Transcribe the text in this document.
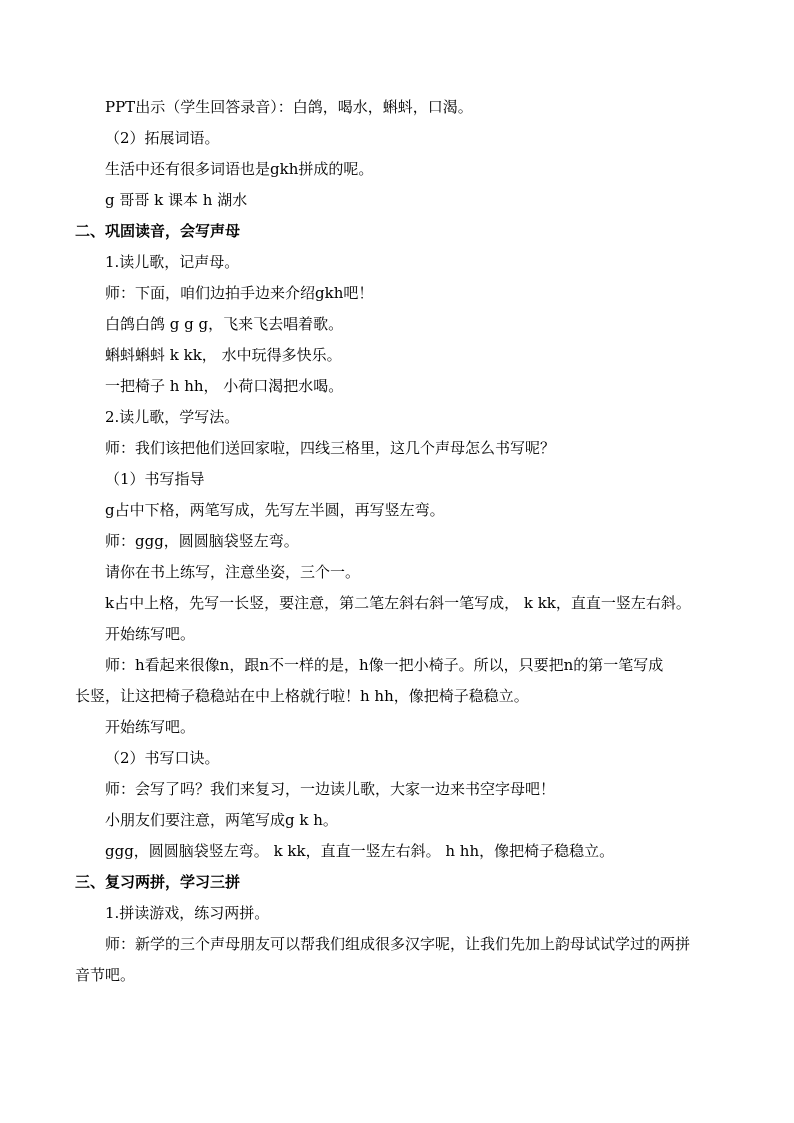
PPT出示（学生回答录音）：白鸽，喝水，蝌蚪，口渴。
（2）拓展词语。
生活中还有很多词语也是gkh拼成的呢。
g 哥哥 k 课本 h 湖水
二、巩固读音，会写声母
1.读儿歌，记声母。
师：下面，咱们边拍手边来介绍gkh吧！
白鸽白鸽 g g g，飞来飞去唱着歌。
蝌蚪蝌蚪 k kk， 水中玩得多快乐。
一把椅子 h hh， 小荷口渴把水喝。
2.读儿歌，学写法。
师：我们该把他们送回家啦，四线三格里，这几个声母怎么书写呢？
（1）书写指导
g占中下格，两笔写成，先写左半圆，再写竖左弯。
师：ggg，圆圆脑袋竖左弯。
请你在书上练写，注意坐姿，三个一。
k占中上格，先写一长竖，要注意，第二笔左斜右斜一笔写成， k kk，直直一竖左右斜。
开始练写吧。
师：h看起来很像n，跟n不一样的是，h像一把小椅子。所以，只要把n的第一笔写成
长竖，让这把椅子稳稳站在中上格就行啦！h hh，像把椅子稳稳立。
开始练写吧。
（2）书写口诀。
师：会写了吗？我们来复习，一边读儿歌，大家一边来书空字母吧！
小朋友们要注意，两笔写成g k h。
ggg，圆圆脑袋竖左弯。 k kk，直直一竖左右斜。 h hh，像把椅子稳稳立。
三、复习两拼，学习三拼
1.拼读游戏，练习两拼。
师：新学的三个声母朋友可以帮我们组成很多汉字呢，让我们先加上韵母试试学过的两拼
音节吧。
